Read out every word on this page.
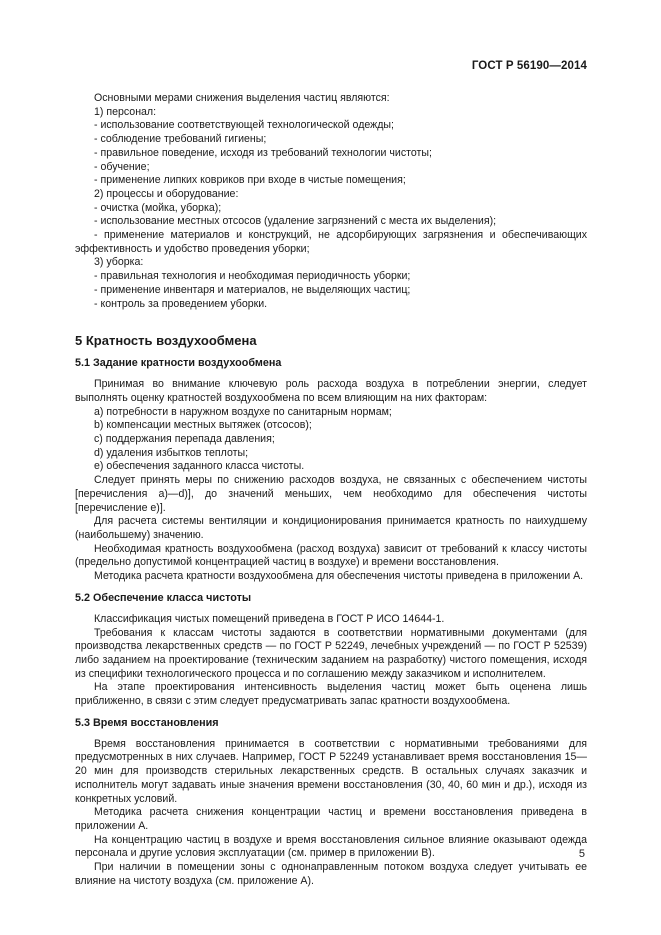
ГОСТ Р 56190—2014

Основными мерами снижения выделения частиц являются:

1) персонал:

- использование соответствующей технологической одежды;

- соблюдение требований гигиены;

- правильное поведение, исходя из требований технологии чистоты;

- обучение;

- применение липких ковриков при входе в чистые помещения;

2) процессы и оборудование:

- очистка (мойка, уборка);

- использование местных отсосов (удаление загрязнений с места их выделения);

- применение материалов и конструкций, не адсорбирующих загрязнения и обеспечивающих эффективность и удобство проведения уборки;

3) уборка:

- правильная технология и необходимая периодичность уборки;

- применение инвентаря и материалов, не выделяющих частиц;

- контроль за проведением уборки.

5 Кратность воздухообмена
5.1 Задание кратности воздухообмена

Принимая во внимание ключевую роль расхода воздуха в потреблении энергии, следует выполнять оценку кратностей воздухообмена по всем влияющим на них факторам:

a) потребности в наружном воздухе по санитарным нормам;

b) компенсации местных вытяжек (отсосов);

c) поддержания перепада давления;

d) удаления избытков теплоты;

e) обеспечения заданного класса чистоты.

Следует принять меры по снижению расходов воздуха, не связанных с обеспечением чистоты [перечисления а)—d)], до значений меньших, чем необходимо для обеспечения чистоты [перечисление е)].

Для расчета системы вентиляции и кондиционирования принимается кратность по наихудшему (наибольшему) значению.

Необходимая кратность воздухообмена (расход воздуха) зависит от требований к классу чистоты (предельно допустимой концентрацией частиц в воздухе) и времени восстановления.

Методика расчета кратности воздухообмена для обеспечения чистоты приведена в приложении А.

5.2 Обеспечение класса чистоты

Классификация чистых помещений приведена в ГОСТ Р ИСО 14644-1.

Требования к классам чистоты задаются в соответствии нормативными документами (для производства лекарственных средств — по ГОСТ Р 52249, лечебных учреждений — по ГОСТ Р 52539) либо заданием на проектирование (техническим заданием на разработку) чистого помещения, исходя из специфики технологического процесса и по соглашению между заказчиком и исполнителем.

На этапе проектирования интенсивность выделения частиц может быть оценена лишь приближенно, в связи с этим следует предусматривать запас кратности воздухообмена.

5.3 Время восстановления

Время восстановления принимается в соответствии с нормативными требованиями для предусмотренных в них случаев. Например, ГОСТ Р 52249 устанавливает время восстановления 15—20 мин для производств стерильных лекарственных средств. В остальных случаях заказчик и исполнитель могут задавать иные значения времени восстановления (30, 40, 60 мин и др.), исходя из конкретных условий.

Методика расчета снижения концентрации частиц и времени восстановления приведена в приложении А.

На концентрацию частиц в воздухе и время восстановления сильное влияние оказывают одежда персонала и другие условия эксплуатации (см. пример в приложении В).

При наличии в помещении зоны с однонаправленным потоком воздуха следует учитывать ее влияние на чистоту воздуха (см. приложение А).

5
